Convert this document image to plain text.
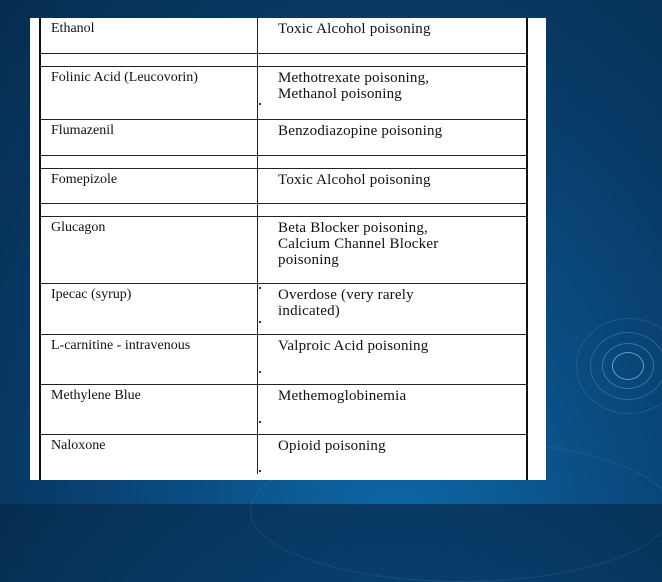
Ethanol	Toxic Alcohol poisoning

Folinic Acid (Leucovorin)	Methotrexate poisoning,
Methanol poisoning

Flumazenil	Benzodiazopine poisoning

Fomepizole	Toxic Alcohol poisoning

Glucagon	Beta Blocker poisoning,
Calcium Channel Blocker
poisoning

Ipecac (syrup)	Overdose (very rarely
indicated)

L-carnitine - intravenous	Valproic Acid poisoning

Methylene Blue	Methemoglobinemia

Naloxone	Opioid poisoning
